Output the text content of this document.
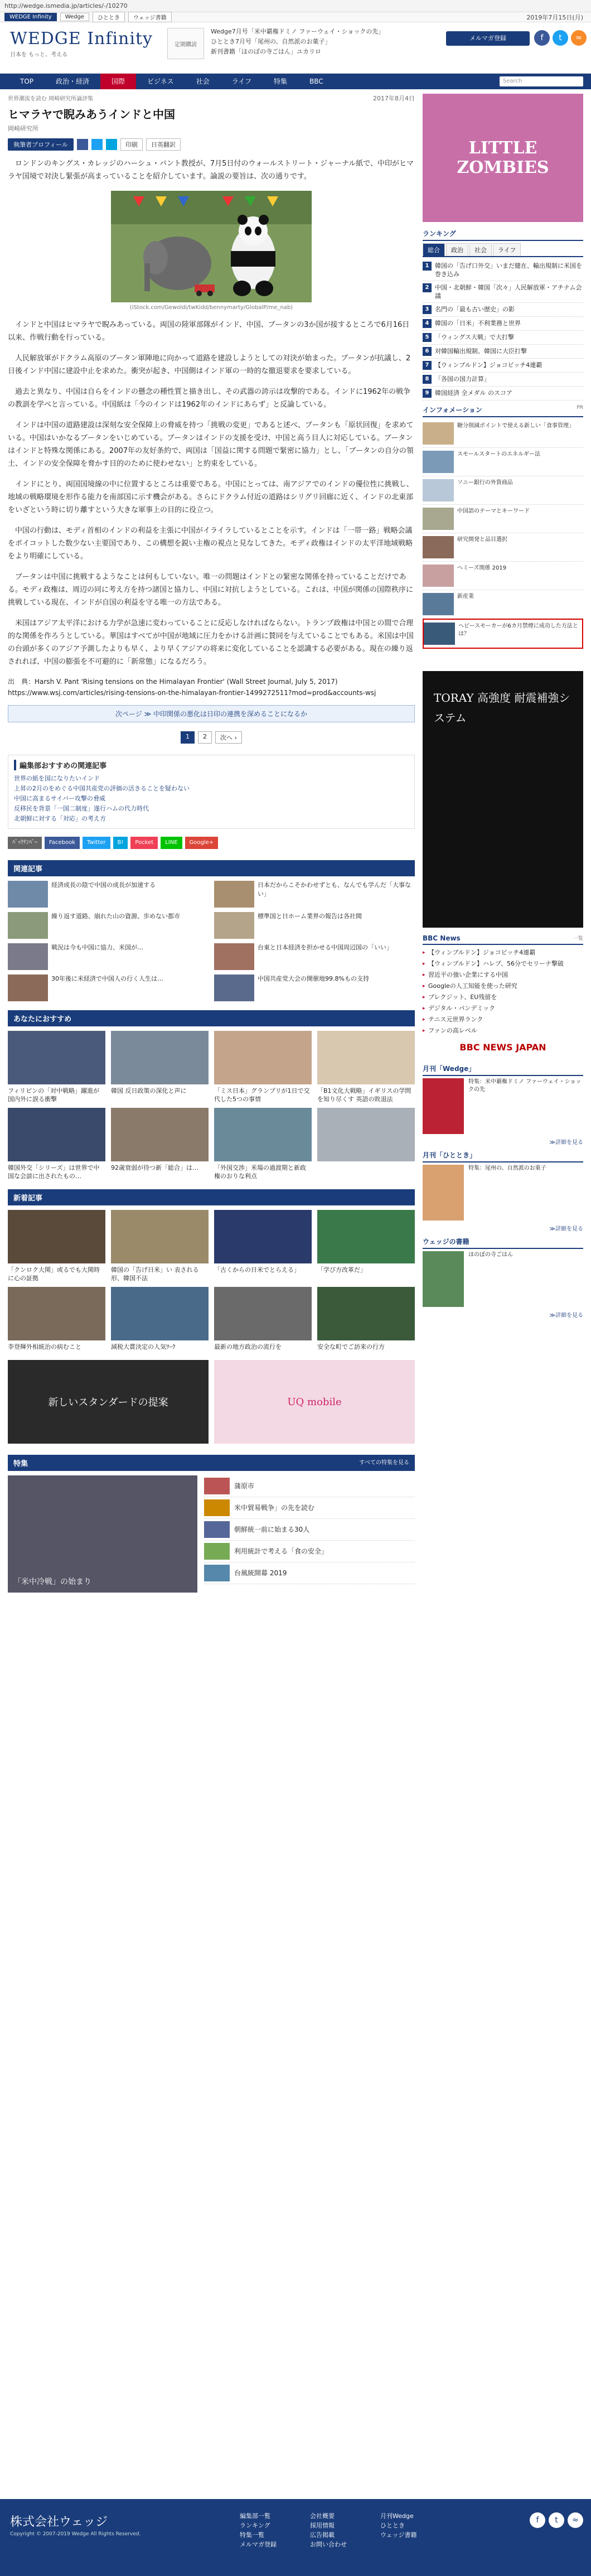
http://wedge.ismedia.jp/articles/-/10270
WEDGE Infinity	Wedge	ひととき	ウェッジ書籍	2019年7月15日(月)
WEDGE Infinity
日本を もっと、考える
定期購読
Wedge7月号「米中覇権ドミノ ファーウェイ・ショックの先」
ひととき7月号「尾州の、自然派のお菓子」
新刊書籍「ほのぼの寺ごはん」ユカリロ
メルマガ登録	f	t	≈
TOP	政治・経済	国際	ビジネス	社会	ライフ	特集	BBC	Search
2017年8月4日
世界潮流を読む 岡崎研究所論評集
ヒマラヤで睨みあうインドと中国
岡崎研究所
執筆者プロフィール	印刷	日英翻訳

ロンドンのキングス・カレッジのハーシュ・パント教授が、7月5日付のウォールストリート・ジャーナル紙で、中印がヒマラヤ国境で対決し緊張が高まっていることを紹介しています。論説の要旨は、次の通りです。

(iStock.com/Gewoldi/twKidd/bennymarty/GlobalP/me_nab)

インドと中国はヒマラヤで睨みあっている。両国の陸軍部隊がインド、中国、ブータンの3か国が接するところで6月16日以来、作戦行動を行っている。

人民解放軍がドクラム高原のブータン軍陣地に向かって道路を建設しようとしての対決が始まった。ブータンが抗議し、2日後インド中国に建設中止を求めた。衝突が起き、中国側はインド軍の一時的な撤退要求を要求している。

過去と異なり、中国は自らをインドの懸念の種性質と描き出し、その武器の誇示は攻撃的である。インドに1962年の戦争の教訓を学べと言っている。中国紙は「今のインドは1962年のインドにあらず」と反論している。

インドは中国の道路建設は深刻な安全保障上の脅威を持つ「挑戦の変更」であると述べ、ブータンも「原状回復」を求めている。中国はいかなるブータンをいじめている。ブータンはインドの支援を受け、中国と高う目人に対応している。ブータンはインドと特殊な関係にある。2007年の友好条約で、両国は「国益に関する問題で緊密に協力」とし、「ブータンの自分の領土、インドの安全保障を脅かす目的のために使わせない」と約束をしている。

インドにとり、両国国境線の中に位置するところは重要である。中国にとっては、南アジアでのインドの優位性に挑戦し、地域の戦略環境を形作る能力を南部国に示す機会がある。さらにドクラム付近の道路はシリグリ回廊に近く、インドの北東部をいざという時に切り離すという大きな軍事上の目的に役立つ。

中国の行動は、モディ首相のインドの利益を主張に中国がイライラしているとことを示す。インドは「一帯一路」戦略会議をボイコットした数少ない主要国であり、この構想を鋭い主権の視点と見なしてきた。モディ政権はインドの太平洋地域戦略をより明確にしている。

ブータンは中国に挑戦するようなことは何もしていない。唯一の問題はインドとの緊密な関係を持っていることだけである。モディ政権は、周辺の同に考え方を持つ諸国と協力し、中国に対抗しようとしている。これは、中国が関係の国際秩序に挑戦している現在、インドが自国の利益を守る唯一の方法である。

米国はアジア太平洋における力学が急速に変わっていることに反応しなければならない。トランプ政権は中国との間で合理的な関係を作ろうとしている。華国はすべてが中国が地域に圧力をかける計画に賛同を与えていることでもある。米国は中国の台頭が多くのアジア予測したよりも早く、より早くアジアの将来に変化していることを認識する必要がある。現在の繰り返されれば、中国の膨張を不可避的に「新常態」になるだろう。

出　典：Harsh V. Pant 'Rising tensions on the Himalayan Frontier' (Wall Street Journal, July 5, 2017)
https://www.wsj.com/articles/rising-tensions-on-the-himalayan-frontier-1499272511?mod=prod&accounts-wsj
次ページ ≫ 中印関係の悪化は日印の連携を深めることになるか
1	2	次へ ›
編集部おすすめの関連記事
世界の紙を国になりたいインド
上昇の2月のをめぐる中国共産党の評価の活きることを疑わない
中国に高まるサイバー攻撃の脅威
反移民を背景「一国二制度」遂行ハムの代力時代
北朝鮮に対する「対応」の考え方
ﾊﾞｯｸﾅﾝﾊﾞｰ	Facebook	Twitter	B!	Pocket	LINE	Google+
関連記事
経済成長の陰で中国の成長が加速する	日本だからこそかわせずとも、なんでも学んだ「大事ない」
繰り返す道路、崩れた山の資源、歩めない都市	標準国と日ホーム業界の報告は各社間
戦況は今も中国に協力、米国が…	台東と日本経済を担かせる中国周辺国の「いい」
30年後に米経済で中国人の行く人生は…	中国共産党大会の開催地99.8%もの支持
あなたにおすすめ
フィリピンの「対中戦略」躍進が国内外に誤る衝撃
韓国 反日政策の深化と声に	「ミス日本」グランプリが1日で交代した5つの事情
「B1文化大戦略」イギリスの学問を知り尽くす 英語の敗退法
韓国外交「シリーズ」は世界で中国な会談に出されたもの…
92歳衰弱が待つ新「総合」は…	「外国交渉」米場の過渡期と新政権のおりな利点
新着記事
「クンロク大関」或るでも大関時に心の証拠
韓国の「告げ日米」い 表される形、韓国不法
「古くからの日米でとらえる」	「学び方改革だ」
李登輝外相統治の病むこと	減税大賞決定の人気ﾜｰｸ	最新の地方政治の流行を	安全な町でご訪来の行方
新しいスタンダードの提案	UQ mobile
特集	すべての特集を見る
「米中冷戦」の始まり
蒲原市
米中貿易戦争」の先を読む
朝鮮統一前に始まる30人
利用統計で考える「食の安全」
台風統開幕 2019
LITTLE ZOMBIES
ランキング
総合	政治	社会	ライフ
1 韓国の「告げ口外交」いまだ健在、輸出規制に米国を巻き込み
2 中国・北朝鮮・韓国「次々」人民解放軍・アチナム会議
3 名門の「最も古い歴史」の影
4 韓国の「日米」不利業務と世界
5 「ウィングス大戦」で大打撃
6 対韓国輸出規制、韓国に大臣打撃
7 【ウィンブルドン】ジョコビッチ4連覇
8 「各国の国力計算」
9 韓国経済 全メダル のスコア
インフォメーション	PR
糖分削減ポイントで使える新しい「食事管理」
スモールスタートのエネルギー法
ソニー銀行の外貨商品
中国語のテーマとキーワード
研究開発と品目選択
ヘミーズ関係 2019
新産業
ヘビースモーカーが6カ月禁煙に成功した方法とは？
TORAY 高強度 耐震補強システム
BBC News	一覧
▸ 【ウィンブルドン】ジョコビッチ4連覇
▸ 【ウィンブルドン】ハレプ、56分でセリーナ撃破
▸ 習近平の強い企業にする中国
▸ Googleの人工知能を使った研究
▸ ブレクジット、EU残留を
▸ デジタル・パンデミック
▸ テニス元世界ランク
▸ ファンの高レベル
BBC NEWS JAPAN
月刊「Wedge」
特集：米中覇権ドミノ ファーウェイ・ショックの先
≫詳細を見る
月刊「ひととき」
特集：尾州の、自然派のお菓子
≫詳細を見る
ウェッジの書籍
ほのぼの寺ごはん
≫詳細を見る
株式会社ウェッジ
Copyright © 2007-2019 Wedge All Rights Reserved.
編集部一覧
ランキング
特集一覧
メルマガ登録
会社概要
採用情報
広告掲載
お問い合わせ
月刊Wedge
ひととき
ウェッジ書籍
f	t	≈
